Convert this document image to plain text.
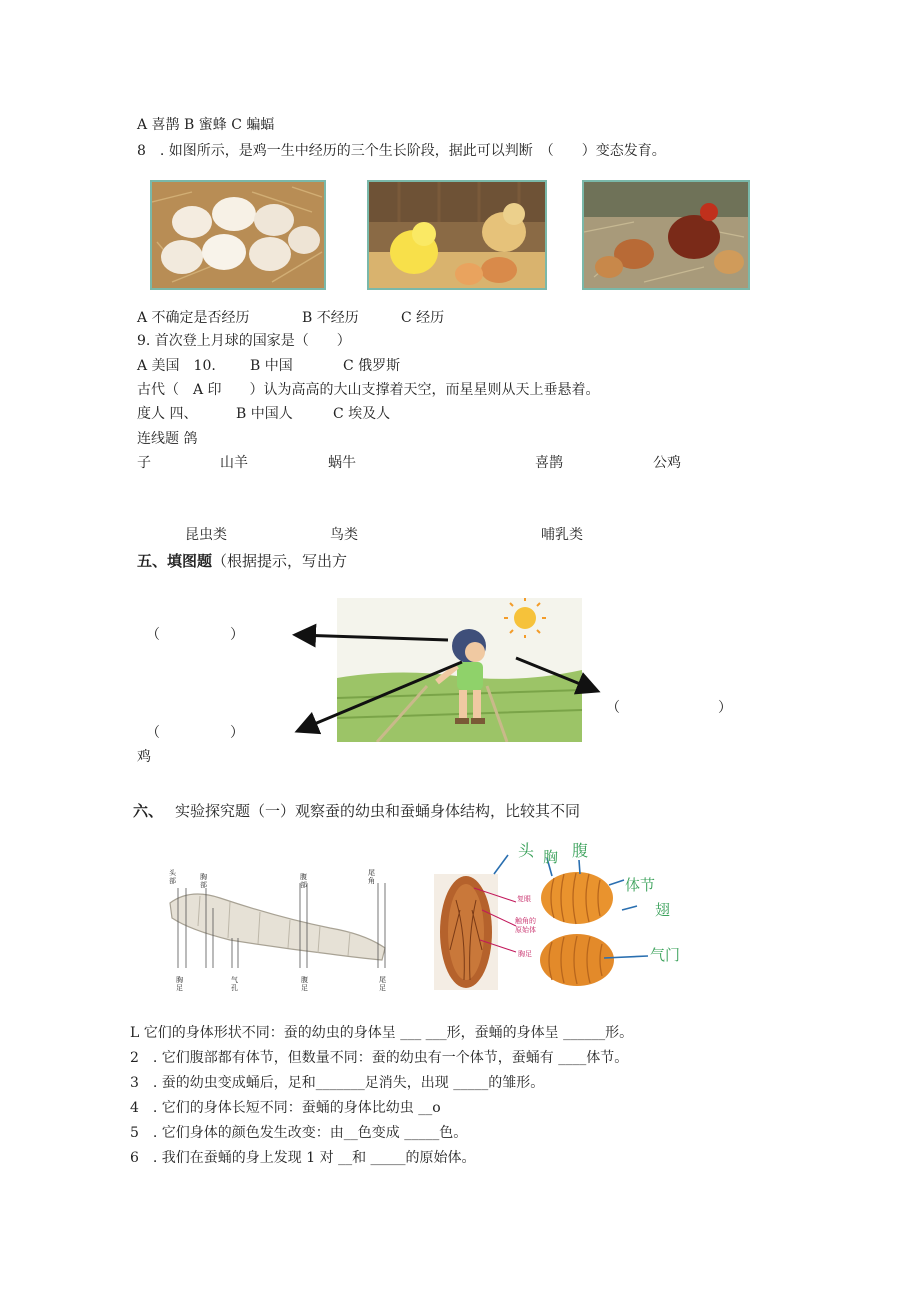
A 喜鹊 B 蜜蜂 C 蝙蝠
8　. 如图所示，是鸡一生中经历的三个生长阶段，据此可以判断　（　　）变态发育。
A 不确定是否经历	B 不经历	C 经历
9. 首次登上月球的国家是（　　）
A 美国　10. B 中国	C 俄罗斯
古代（　A 印　　）认为高高的大山支撑着天空，而星星则从天上垂悬着。
度人 四、	B 中国人	C 埃及人
连线题 鸽
子	山羊	蜗牛	喜鹊	公鸡
昆虫类	鸟类	哺乳类
五、填图题（根据提示，写出方
（　　　　　）
（　　　　　）
（　　　　　　　）
鸡
六、 实验探究题（一）观察蚕的幼虫和蚕蛹身体结构，比较其不同
头部	胸部
腹部
尾角
胸足
气孔
腹足
尾足
头 胸 腹
体节
翅
气门
复眼
触角的原始体
胸足
L 它们的身体形状不同：蚕的幼虫的身体呈 ___ ___形，蚕蛹的身体呈 ______形。
2　. 它们腹部都有体节，但数量不同：蚕的幼虫有一个体节，蚕蛹有 ____体节。
3　. 蚕的幼虫变成蛹后，足和_______足消失，出现 _____的雏形。
4　. 它们的身体长短不同：蚕蛹的身体比幼虫 __o
5　. 它们身体的颜色发生改变：由__色变成 _____色。
6　. 我们在蚕蛹的身上发现 1 对 __和 _____的原始体。
